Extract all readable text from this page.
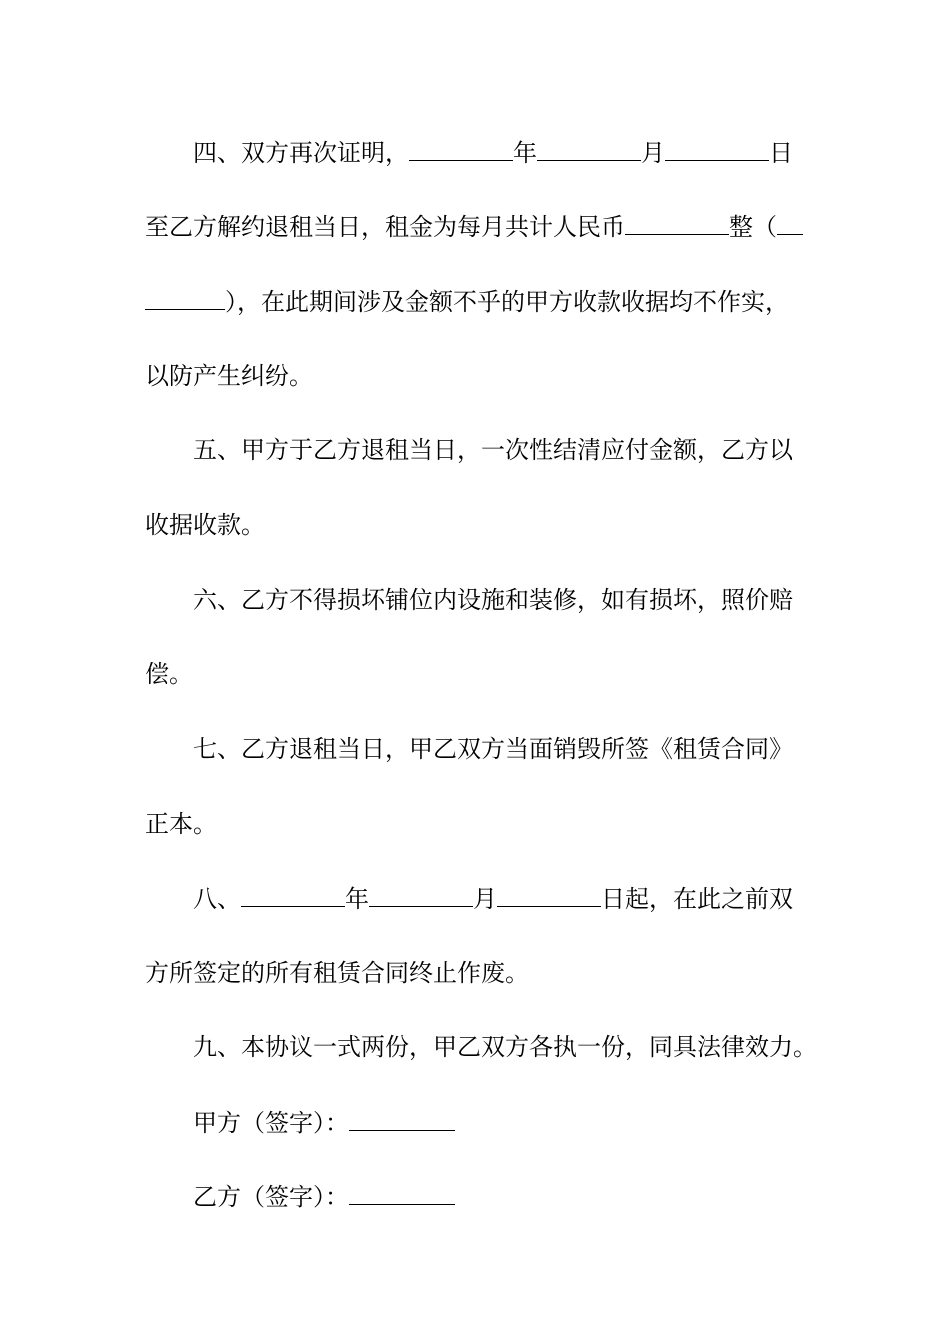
四、双方再次证明，	年	月	日
至乙方解约退租当日，租金为每月共计人民币	整（
），在此期间涉及金额不乎的甲方收款收据均不作实，
以防产生纠纷。
五、甲方于乙方退租当日，一次性结清应付金额，乙方以
收据收款。
六、乙方不得损坏铺位内设施和装修，如有损坏，照价赔
偿。
七、乙方退租当日，甲乙双方当面销毁所签《租赁合同》
正本。
八、	年	月	日起，在此之前双
方所签定的所有租赁合同终止作废。
九、本协议一式两份，甲乙双方各执一份，同具法律效力。
甲方（签字）：
乙方（签字）：
